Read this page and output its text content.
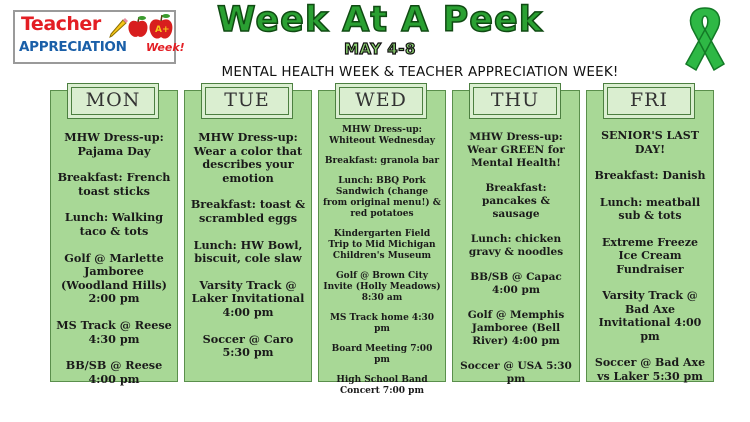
Teacher	A+
APPRECIATION Week!
Week At A Peek
MAY 4-8
MENTAL HEALTH WEEK & TEACHER APPRECIATION WEEK!
MON
MHW Dress-up: Pajama Day
Breakfast: French toast sticks
Lunch: Walking taco & tots
Golf @ Marlette Jamboree (Woodland Hills) 2:00 pm
MS Track @ Reese 4:30 pm
BB/SB @ Reese 4:00 pm
TUE
MHW Dress-up: Wear a color that describes your emotion
Breakfast: toast & scrambled eggs
Lunch: HW Bowl, biscuit, cole slaw
Varsity Track @ Laker Invitational 4:00 pm
Soccer @ Caro 5:30 pm
WED
MHW Dress-up: Whiteout Wednesday
Breakfast: granola bar
Lunch: BBQ Pork Sandwich (change from original menu!) & red potatoes
Kindergarten Field Trip to Mid Michigan Children's Museum
Golf @ Brown City Invite (Holly Meadows) 8:30 am
MS Track home 4:30 pm
Board Meeting 7:00 pm
High School Band Concert 7:00 pm
THU
MHW Dress-up: Wear GREEN for Mental Health!
Breakfast: pancakes & sausage
Lunch: chicken gravy & noodles
BB/SB @ Capac 4:00 pm
Golf @ Memphis Jamboree (Bell River) 4:00 pm
Soccer @ USA 5:30 pm
FRI
SENIOR'S LAST DAY!
Breakfast: Danish
Lunch: meatball sub & tots
Extreme Freeze Ice Cream Fundraiser
Varsity Track @ Bad Axe Invitational 4:00 pm
Soccer @ Bad Axe vs Laker 5:30 pm
